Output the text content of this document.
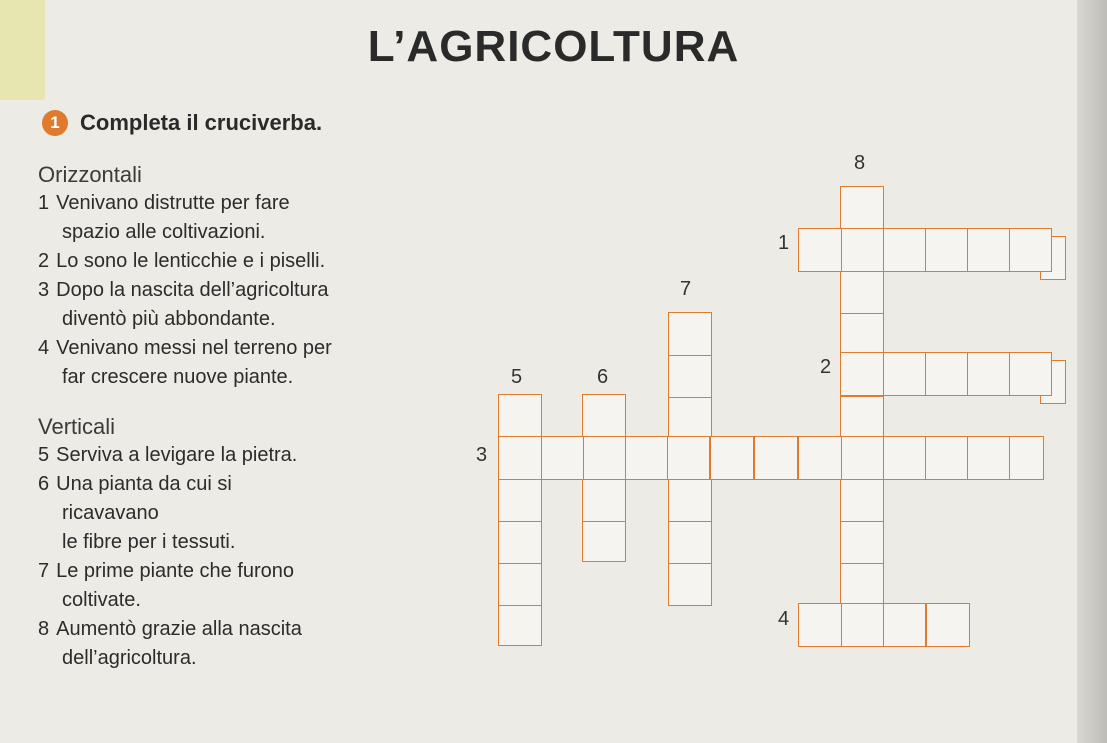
L’AGRICOLTURA
1 Completa il cruciverba.
Orizzontali
1 Venivano distrutte per fare
spazio alle coltivazioni.
2 Lo sono le lenticchie e i piselli.
3 Dopo la nascita dell’agricoltura
diventò più abbondante.
4 Venivano messi nel terreno per
far crescere nuove piante.
Verticali
5 Serviva a levigare la pietra.
6 Una pianta da cui si
ricavavano
le fibre per i tessuti.
7 Le prime piante che furono
coltivate.
8 Aumentò grazie alla nascita
dell’agricoltura.
8
1
7
2
5	6
3
4
